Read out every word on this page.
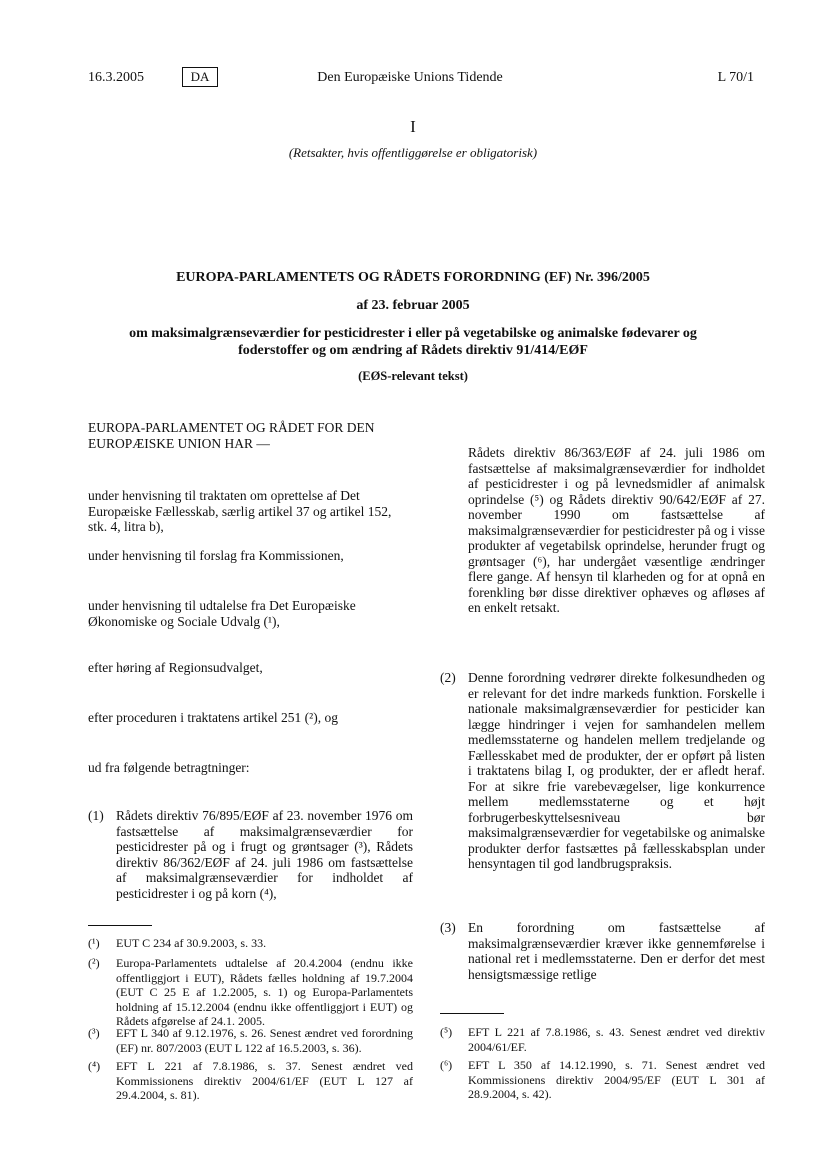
16.3.2005	DA	Den Europæiske Unions Tidende	L 70/1
I
(Retsakter, hvis offentliggørelse er obligatorisk)
EUROPA-PARLAMENTETS OG RÅDETS FORORDNING (EF) Nr. 396/2005
af 23. februar 2005
om maksimalgrænseværdier for pesticidrester i eller på vegetabilske og animalske fødevarer og
foderstoffer og om ændring af Rådets direktiv 91/414/EØF
(EØS-relevant tekst)
EUROPA-PARLAMENTET OG RÅDET FOR DEN EUROPÆISKE UNION HAR —
under henvisning til traktaten om oprettelse af Det Europæiske Fællesskab, særlig artikel 37 og artikel 152, stk. 4, litra b),
under henvisning til forslag fra Kommissionen,
under henvisning til udtalelse fra Det Europæiske Økonomiske og Sociale Udvalg (¹),
efter høring af Regionsudvalget,
efter proceduren i traktatens artikel 251 (²), og
ud fra følgende betragtninger:
(1) Rådets direktiv 76/895/EØF af 23. november 1976 om fastsættelse af maksimalgrænseværdier for pesticidrester på og i frugt og grøntsager (³), Rådets direktiv 86/362/EØF af 24. juli 1986 om fastsættelse af maksimalgrænseværdier for indholdet af pesticidrester i og på korn (⁴),
(¹) EUT C 234 af 30.9.2003, s. 33.
(²) Europa-Parlamentets udtalelse af 20.4.2004 (endnu ikke offentliggjort i EUT), Rådets fælles holdning af 19.7.2004 (EUT C 25 E af 1.2.2005, s. 1) og Europa-Parlamentets holdning af 15.12.2004 (endnu ikke offentliggjort i EUT) og Rådets afgørelse af 24.1. 2005.
(³) EFT L 340 af 9.12.1976, s. 26. Senest ændret ved forordning (EF) nr. 807/2003 (EUT L 122 af 16.5.2003, s. 36).
(⁴) EFT L 221 af 7.8.1986, s. 37. Senest ændret ved Kommissionens direktiv 2004/61/EF (EUT L 127 af 29.4.2004, s. 81).
Rådets direktiv 86/363/EØF af 24. juli 1986 om fastsættelse af maksimalgrænseværdier for indholdet af pesticidrester i og på levnedsmidler af animalsk oprindelse (⁵) og Rådets direktiv 90/642/EØF af 27. november 1990 om fastsættelse af maksimalgrænseværdier for pesticidrester på og i visse produkter af vegetabilsk oprindelse, herunder frugt og grøntsager (⁶), har undergået væsentlige ændringer flere gange. Af hensyn til klarheden og for at opnå en forenkling bør disse direktiver ophæves og afløses af en enkelt retsakt.
(2) Denne forordning vedrører direkte folkesundheden og er relevant for det indre markeds funktion. Forskelle i nationale maksimalgrænseværdier for pesticider kan lægge hindringer i vejen for samhandelen mellem medlemsstaterne og handelen mellem tredjelande og Fællesskabet med de produkter, der er opført på listen i traktatens bilag I, og produkter, der er afledt heraf. For at sikre frie varebevægelser, lige konkurrence mellem medlemsstaterne og et højt forbrugerbeskyttelsesniveau bør maksimalgrænseværdier for vegetabilske og animalske produkter derfor fastsættes på fællesskabsplan under hensyntagen til god landbrugspraksis.
(3) En forordning om fastsættelse af maksimalgrænseværdier kræver ikke gennemførelse i national ret i medlemsstaterne. Den er derfor det mest hensigtsmæssige retlige
(⁵) EFT L 221 af 7.8.1986, s. 43. Senest ændret ved direktiv 2004/61/EF.
(⁶) EFT L 350 af 14.12.1990, s. 71. Senest ændret ved Kommissionens direktiv 2004/95/EF (EUT L 301 af 28.9.2004, s. 42).
